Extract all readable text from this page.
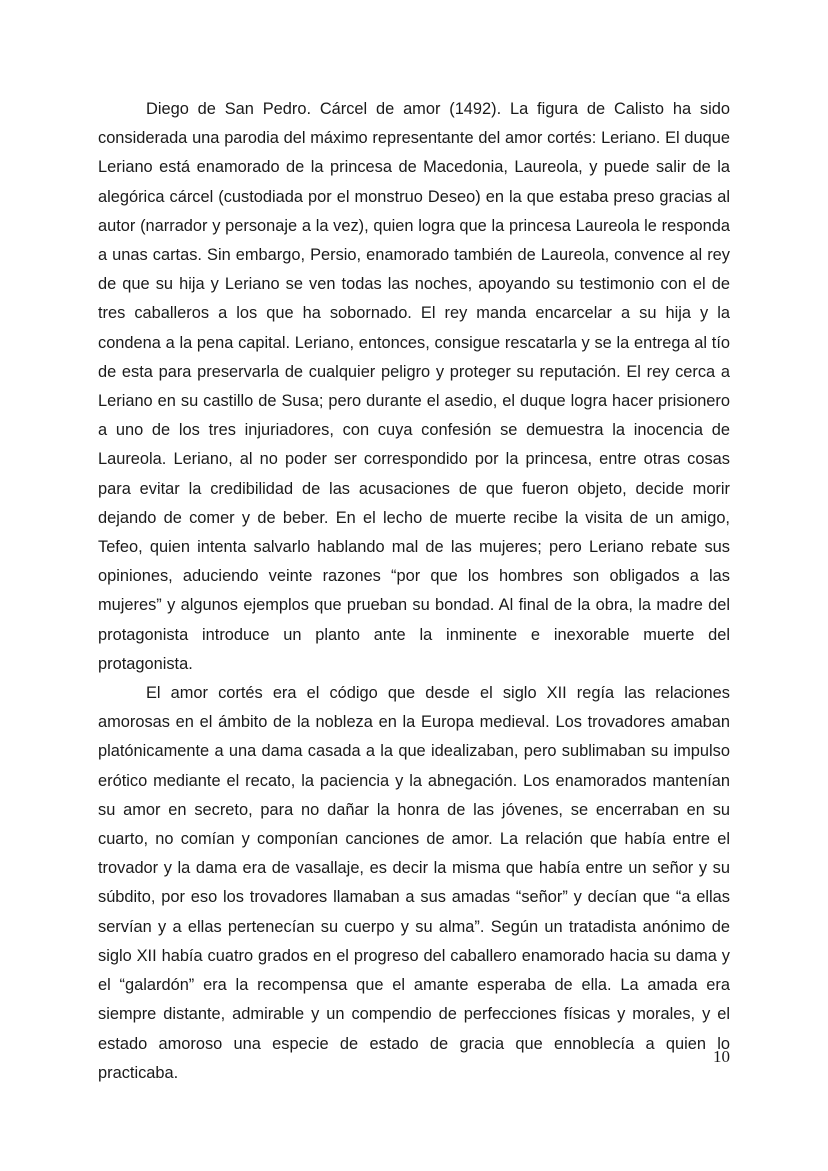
Diego de San Pedro. Cárcel de amor (1492). La figura de Calisto ha sido considerada una parodia del máximo representante del amor cortés: Leriano. El duque Leriano está enamorado de la princesa de Macedonia, Laureola, y puede salir de la alegórica cárcel (custodiada por el monstruo Deseo) en la que estaba preso gracias al autor (narrador y personaje a la vez), quien logra que la princesa Laureola le responda a unas cartas. Sin embargo, Persio, enamorado también de Laureola, convence al rey de que su hija y Leriano se ven todas las noches, apoyando su testimonio con el de tres caballeros a los que ha sobornado. El rey manda encarcelar a su hija y la condena a la pena capital. Leriano, entonces, consigue rescatarla y se la entrega al tío de esta para preservarla de cualquier peligro y proteger su reputación. El rey cerca a Leriano en su castillo de Susa; pero durante el asedio, el duque logra hacer prisionero a uno de los tres injuriadores, con cuya confesión se demuestra la inocencia de Laureola. Leriano, al no poder ser correspondido por la princesa, entre otras cosas para evitar la credibilidad de las acusaciones de que fueron objeto, decide morir dejando de comer y de beber. En el lecho de muerte recibe la visita de un amigo, Tefeo, quien intenta salvarlo hablando mal de las mujeres; pero Leriano rebate sus opiniones, aduciendo veinte razones “por que los hombres son obligados a las mujeres” y algunos ejemplos que prueban su bondad. Al final de la obra, la madre del protagonista introduce un planto ante la inminente e inexorable muerte del protagonista.

El amor cortés era el código que desde el siglo XII regía las relaciones amorosas en el ámbito de la nobleza en la Europa medieval. Los trovadores amaban platónicamente a una dama casada a la que idealizaban, pero sublimaban su impulso erótico mediante el recato, la paciencia y la abnegación. Los enamorados mantenían su amor en secreto, para no dañar la honra de las jóvenes, se encerraban en su cuarto, no comían y componían canciones de amor. La relación que había entre el trovador y la dama era de vasallaje, es decir la misma que había entre un señor y su súbdito, por eso los trovadores llamaban a sus amadas “señor” y decían que “a ellas servían y a ellas pertenecían su cuerpo y su alma”. Según un tratadista anónimo de siglo XII había cuatro grados en el progreso del caballero enamorado hacia su dama y el “galardón” era la recompensa que el amante esperaba de ella. La amada era siempre distante, admirable y un compendio de perfecciones físicas y morales, y el estado amoroso una especie de estado de gracia que ennoblecía a quien lo practicaba.

10
